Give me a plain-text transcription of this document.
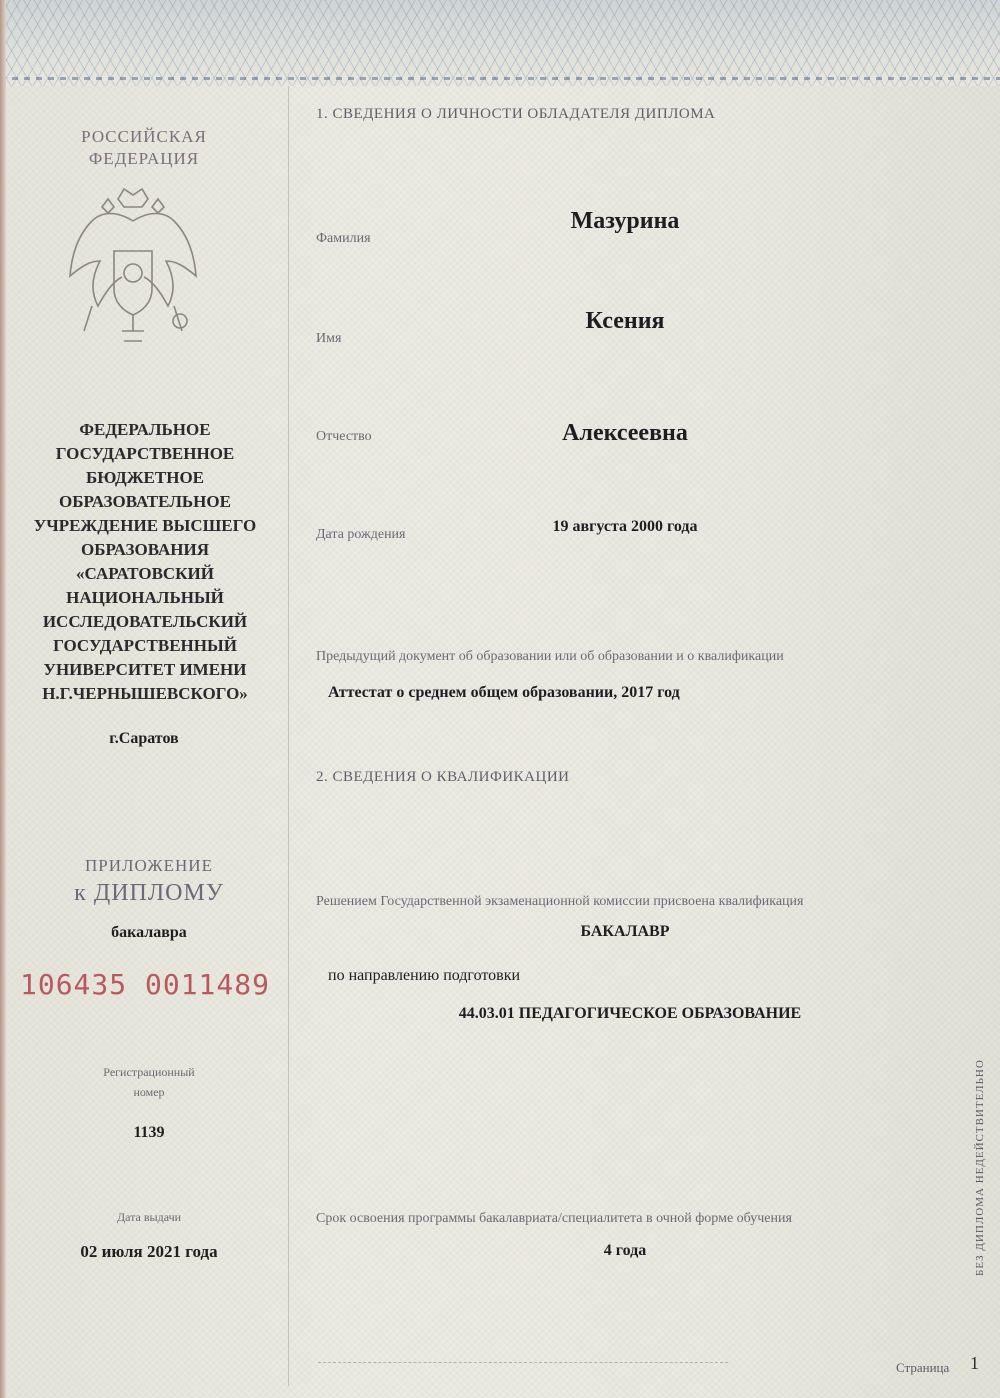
РОССИЙСКАЯ
ФЕДЕРАЦИЯ
ФЕДЕРАЛЬНОЕ
ГОСУДАРСТВЕННОЕ
БЮДЖЕТНОЕ
ОБРАЗОВАТЕЛЬНОЕ
УЧРЕЖДЕНИЕ ВЫСШЕГО
ОБРАЗОВАНИЯ
«САРАТОВСКИЙ
НАЦИОНАЛЬНЫЙ
ИССЛЕДОВАТЕЛЬСКИЙ
ГОСУДАРСТВЕННЫЙ
УНИВЕРСИТЕТ ИМЕНИ
Н.Г.ЧЕРНЫШЕВСКОГО»
г.Саратов
ПРИЛОЖЕНИЕ
к ДИПЛОМУ
бакалавра
106435 0011489
Регистрационный
номер
1139
Дата выдачи
02 июля 2021 года
1. СВЕДЕНИЯ О ЛИЧНОСТИ ОБЛАДАТЕЛЯ ДИПЛОМА
Фамилия
Мазурина
Имя
Ксения
Отчество	Алексеевна
Дата рождения	19 августа 2000 года
Предыдущий документ об образовании или об образовании и о квалификации
Аттестат о среднем общем образовании, 2017 год
2. СВЕДЕНИЯ О КВАЛИФИКАЦИИ
Решением Государственной экзаменационной комиссии присвоена квалификация
БАКАЛАВР
по направлению подготовки
44.03.01 ПЕДАГОГИЧЕСКОЕ ОБРАЗОВАНИЕ
Срок освоения программы бакалавриата/специалитета в очной форме обучения
4 года
Страница 1
БЕЗ ДИПЛОМА НЕДЕЙСТВИТЕЛЬНО
